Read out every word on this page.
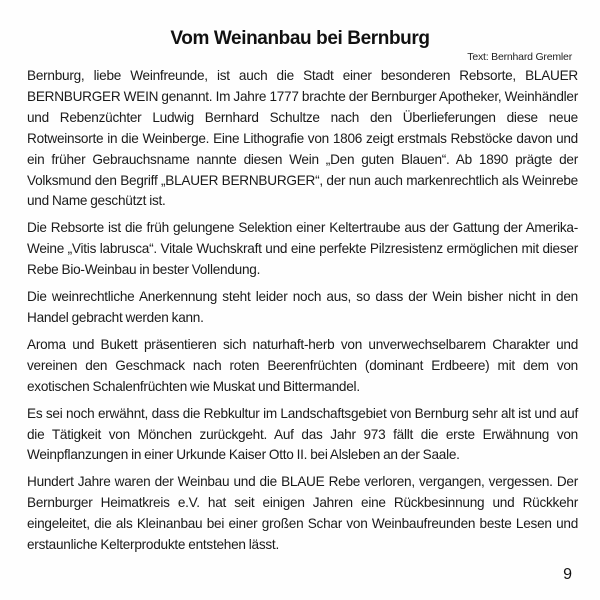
Vom Weinanbau bei Bernburg
Text: Bernhard Gremler

Bernburg, liebe Weinfreunde, ist auch die Stadt einer besonderen Rebsorte, BLAUER BERNBURGER WEIN genannt. Im Jahre 1777 brachte der Bernburger Apotheker, Weinhändler und Rebenzüchter Ludwig Bernhard Schultze nach den Überlieferungen diese neue Rotweinsorte in die Weinberge. Eine Lithografie von 1806 zeigt erstmals Rebstöcke davon und ein früher Gebrauchsname nannte diesen Wein „Den guten Blauen“. Ab 1890 prägte der Volksmund den Begriff „BLAUER BERNBURGER“, der nun auch markenrechtlich als Weinrebe und Name geschützt ist.

Die Rebsorte ist die früh gelungene Selektion einer Keltertraube aus der Gattung der Amerika-Weine „Vitis labrusca“. Vitale Wuchskraft und eine perfekte Pilzresistenz ermöglichen mit dieser Rebe Bio-Weinbau in bester Vollendung.

Die weinrechtliche Anerkennung steht leider noch aus, so dass der Wein bisher nicht in den Handel gebracht werden kann.

Aroma und Bukett präsentieren sich naturhaft-herb von unverwechselbarem Charakter und vereinen den Geschmack nach roten Beerenfrüchten (dominant Erdbeere) mit dem von exotischen Schalenfrüchten wie Muskat und Bittermandel.

Es sei noch erwähnt, dass die Rebkultur im Landschaftsgebiet von Bernburg sehr alt ist und auf die Tätigkeit von Mönchen zurückgeht. Auf das Jahr 973 fällt die erste Erwähnung von Weinpflanzungen in einer Urkunde Kaiser Otto II. bei Alsleben an der Saale.

Hundert Jahre waren der Weinbau und die BLAUE Rebe verloren, vergangen, vergessen. Der Bernburger Heimatkreis e.V. hat seit einigen Jahren eine Rückbesinnung und Rückkehr eingeleitet, die als Kleinanbau bei einer großen Schar von Weinbaufreunden beste Lesen und erstaunliche Kelterprodukte entstehen lässt.

9
